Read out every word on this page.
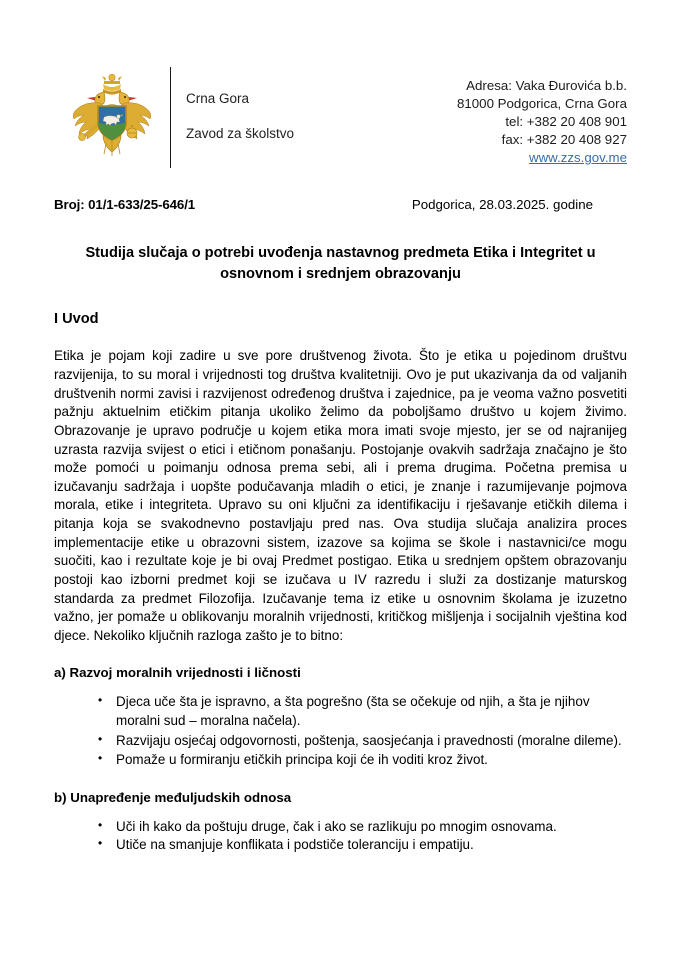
Crna Gora
Zavod za školstvo
Adresa: Vaka Ðurovića b.b.
81000 Podgorica, Crna Gora
tel: +382 20 408 901
fax: +382 20 408 927
www.zzs.gov.me
Broj: 01/1-633/25-646/1	Podgorica, 28.03.2025. godine
Studija slučaja o potrebi uvođenja nastavnog predmeta Etika i Integritet u osnovnom i srednjem obrazovanju
I Uvod

Etika je pojam koji zadire u sve pore društvenog života. Što je etika u pojedinom društvu razvijenija, to su moral i vrijednosti tog društva kvalitetniji. Ovo je put ukazivanja da od valjanih društvenih normi zavisi i razvijenost određenog društva i zajednice, pa je veoma važno posvetiti pažnju aktuelnim etičkim pitanja ukoliko želimo da poboljšamo društvo u kojem živimo. Obrazovanje je upravo područje u kojem etika mora imati svoje mjesto, jer se od najranijeg uzrasta razvija svijest o etici i etičnom ponašanju. Postojanje ovakvih sadržaja značajno je što može pomoći u poimanju odnosa prema sebi, ali i prema drugima. Početna premisa u izučavanju sadržaja i uopšte podučavanja mladih o etici, je znanje i razumijevanje pojmova morala, etike i integriteta. Upravo su oni ključni za identifikaciju i rješavanje etičkih dilema i pitanja koja se svakodnevno postavljaju pred nas. Ova studija slučaja analizira proces implementacije etike u obrazovni sistem, izazove sa kojima se škole i nastavnici/ce mogu suočiti, kao i rezultate koje je bi ovaj Predmet postigao. Etika u srednjem opštem obrazovanju postoji kao izborni predmet koji se izučava u IV razredu i služi za dostizanje maturskog standarda za predmet Filozofija. Izučavanje tema iz etike u osnovnim školama je izuzetno važno, jer pomaže u oblikovanju moralnih vrijednosti, kritičkog mišljenja i socijalnih vještina kod djece. Nekoliko ključnih razloga zašto je to bitno:

a) Razvoj moralnih vrijednosti i ličnosti
• Djeca uče šta je ispravno, a šta pogrešno (šta se očekuje od njih, a šta je njihov moralni sud – moralna načela).
• Razvijaju osjećaj odgovornosti, poštenja, saosjećanja i pravednosti (moralne dileme).
• Pomaže u formiranju etičkih principa koji će ih voditi kroz život.
b) Unapređenje međuljudskih odnosa
• Uči ih kako da poštuju druge, čak i ako se razlikuju po mnogim osnovama.
• Utiče na smanjuje konflikata i podstiče toleranciju i empatiju.
